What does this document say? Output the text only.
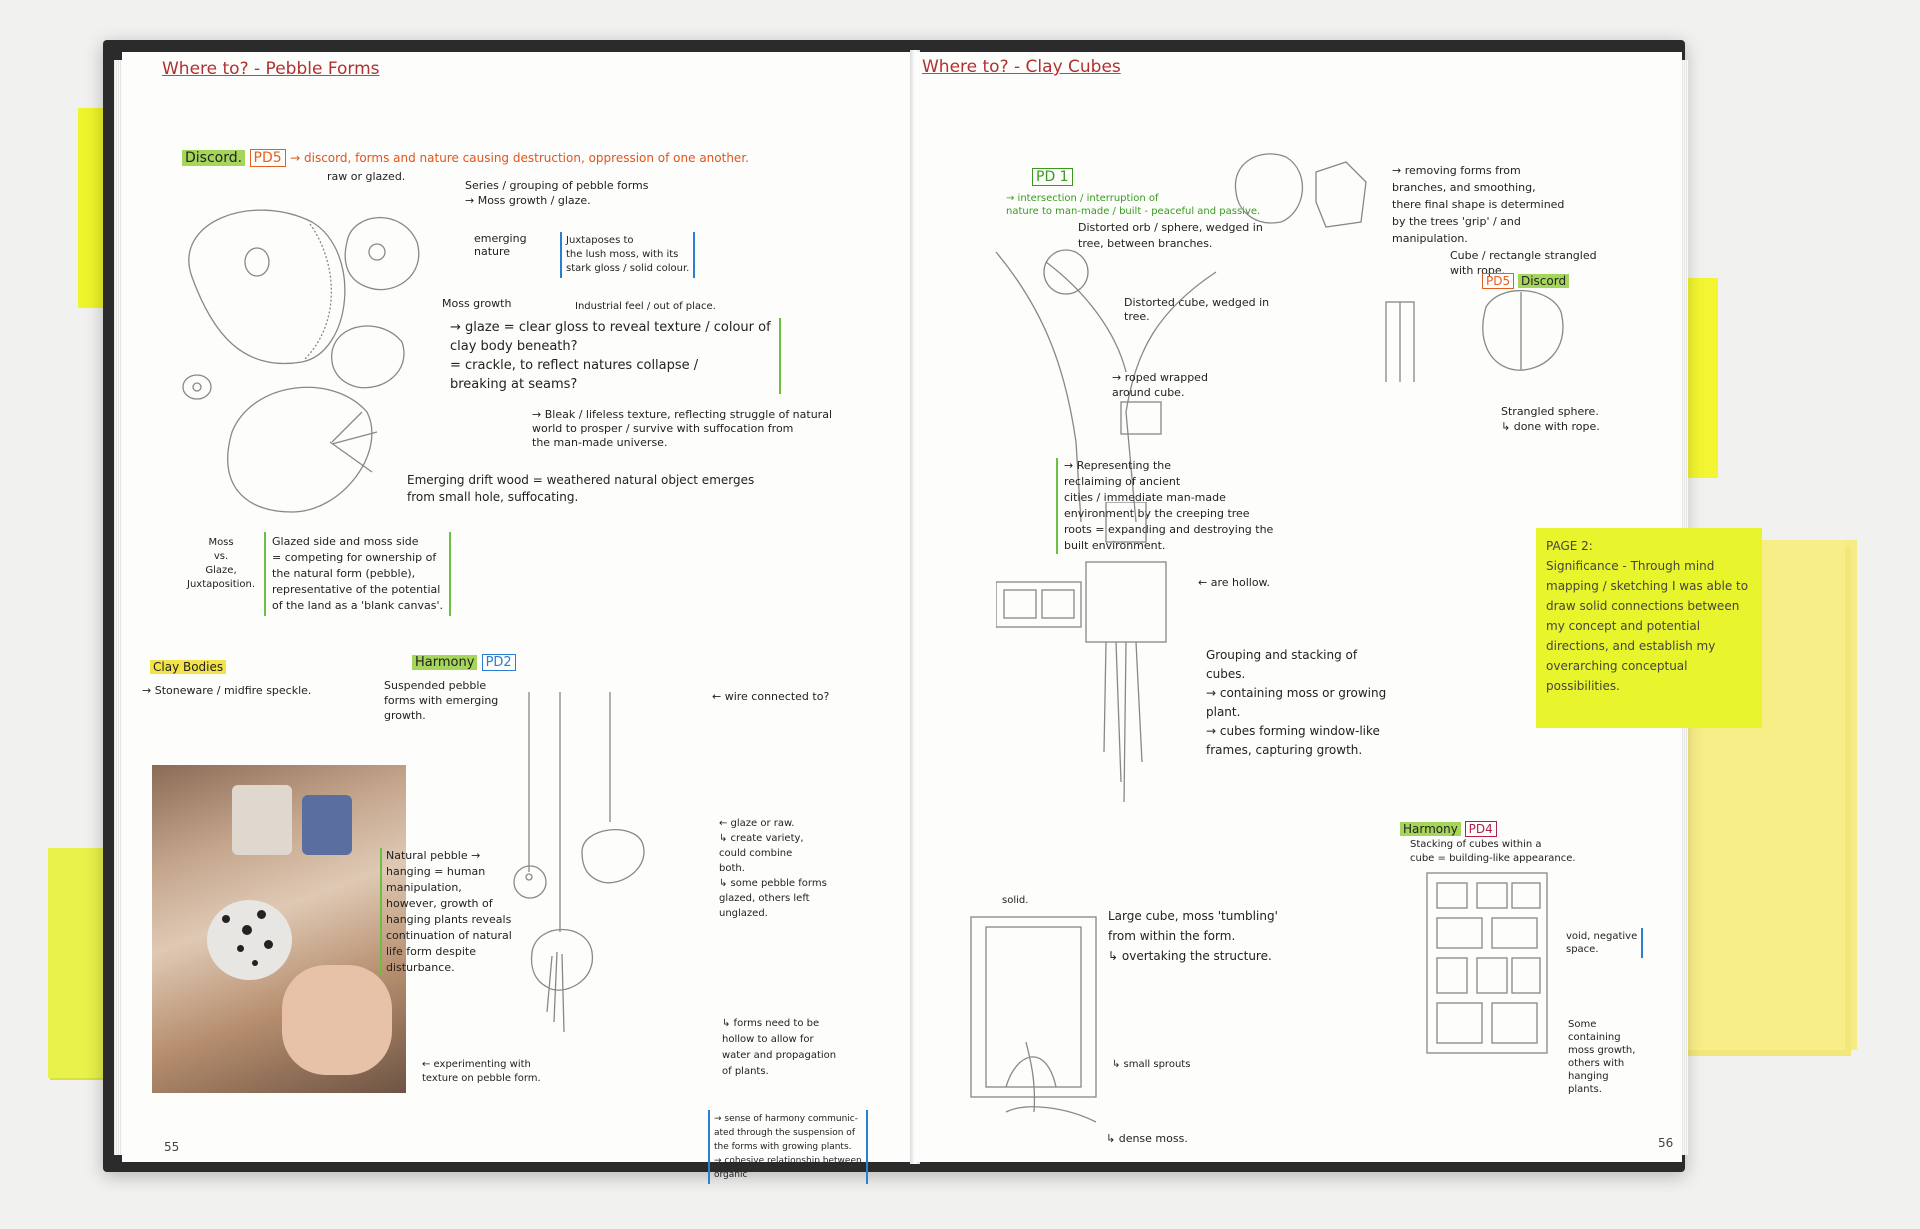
Where to? - Pebble Forms
Discord. PD5 → discord, forms and nature causing destruction, oppression of one another.
raw or glazed.
Series / grouping of pebble forms
→ Moss growth / glaze.
emerging
nature
Juxtaposes to
the lush moss, with its
stark gloss / solid colour.
Industrial feel / out of place.
Moss growth
→ glaze = clear gloss to reveal texture / colour of
clay body beneath?
= crackle, to reflect natures collapse /
breaking at seams?
→ Bleak / lifeless texture, reflecting struggle of natural
world to prosper / survive with suffocation from
the man-made universe.
Emerging drift wood = weathered natural object emerges
from small hole, suffocating.
Moss
vs.
Glaze,
Juxtaposition.
Glazed side and moss side
= competing for ownership of
the natural form (pebble),
representative of the potential
of the land as a 'blank canvas'.
Clay Bodies
→ Stoneware / midfire speckle.
Harmony PD2
Suspended pebble
forms with emerging
growth.
← wire connected to?
Natural pebble →
hanging = human
manipulation,
however, growth of
hanging plants reveals
continuation of natural
life form despite
disturbance.
← glaze or raw.
↳ create variety,
could combine
both.
↳ some pebble forms
glazed, others left
unglazed.
↳ forms need to be
hollow to allow for
water and propagation
of plants.
← experimenting with
texture on pebble form.
→ sense of harmony communic-
ated through the suspension of
the forms with growing plants.
→ cohesive relationship between
organic
55
Where to? - Clay Cubes
PD 1
→ intersection / interruption of
nature to man-made / built - peaceful and passive.
Distorted orb / sphere, wedged in
tree, between branches.
Distorted cube, wedged in
tree.
→ removing forms from
branches, and smoothing,
there final shape is determined
by the trees 'grip' / and
manipulation.
Cube / rectangle strangled
with rope.
PD5 Discord
→ roped wrapped
around cube.
Strangled sphere.
↳ done with rope.
→ Representing the
reclaiming of ancient
cities / immediate man-made
environment by the creeping tree
roots = expanding and destroying the
built environment.
← are hollow.
Grouping and stacking of
cubes.
→ containing moss or growing
plant.
→ cubes forming window-like
frames, capturing growth.
Harmony PD4
Stacking of cubes within a
cube = building-like appearance.
void, negative
space.
Some
containing
moss growth,
others with
hanging
plants.
solid.
Large cube, moss 'tumbling'
from within the form.
↳ overtaking the structure.
↳ small sprouts
↳ dense moss.	56
PAGE 2:
Significance - Through mind mapping / sketching I was able to draw solid connections between my concept and potential directions, and establish my overarching conceptual possibilities.
